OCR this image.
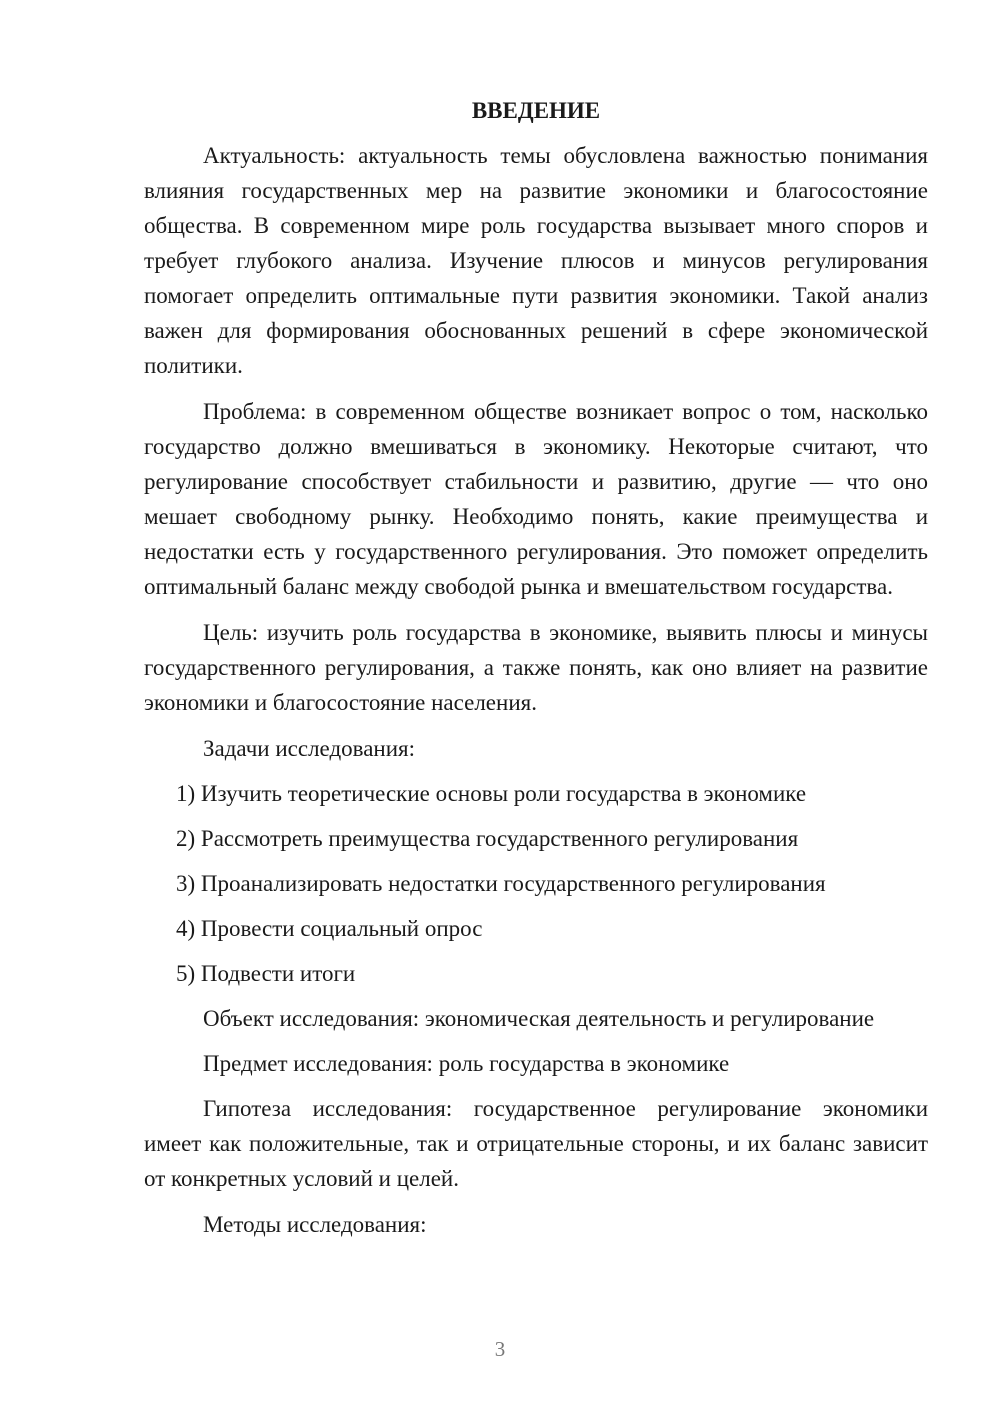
ВВЕДЕНИЕ

Актуальность: актуальность темы обусловлена важностью понимания влияния государственных мер на развитие экономики и благосостояние общества. В современном мире роль государства вызывает много споров и требует глубокого анализа. Изучение плюсов и минусов регулирования помогает определить оптимальные пути развития экономики. Такой анализ важен для формирования обоснованных решений в сфере экономической политики.

Проблема: в современном обществе возникает вопрос о том, насколько государство должно вмешиваться в экономику. Некоторые считают, что регулирование способствует стабильности и развитию, другие — что оно мешает свободному рынку. Необходимо понять, какие преимущества и недостатки есть у государственного регулирования. Это поможет определить оптимальный баланс между свободой рынка и вмешательством государства.

Цель: изучить роль государства в экономике, выявить плюсы и минусы государственного регулирования, а также понять, как оно влияет на развитие экономики и благосостояние населения.

Задачи исследования:

1) Изучить теоретические основы роли государства в экономике

2) Рассмотреть преимущества государственного регулирования

3) Проанализировать недостатки государственного регулирования

4) Провести социальный опрос

5) Подвести итоги

Объект исследования: экономическая деятельность и регулирование

Предмет исследования: роль государства в экономике

Гипотеза исследования: государственное регулирование экономики имеет как положительные, так и отрицательные стороны, и их баланс зависит от конкретных условий и целей.

Методы исследования:

3
